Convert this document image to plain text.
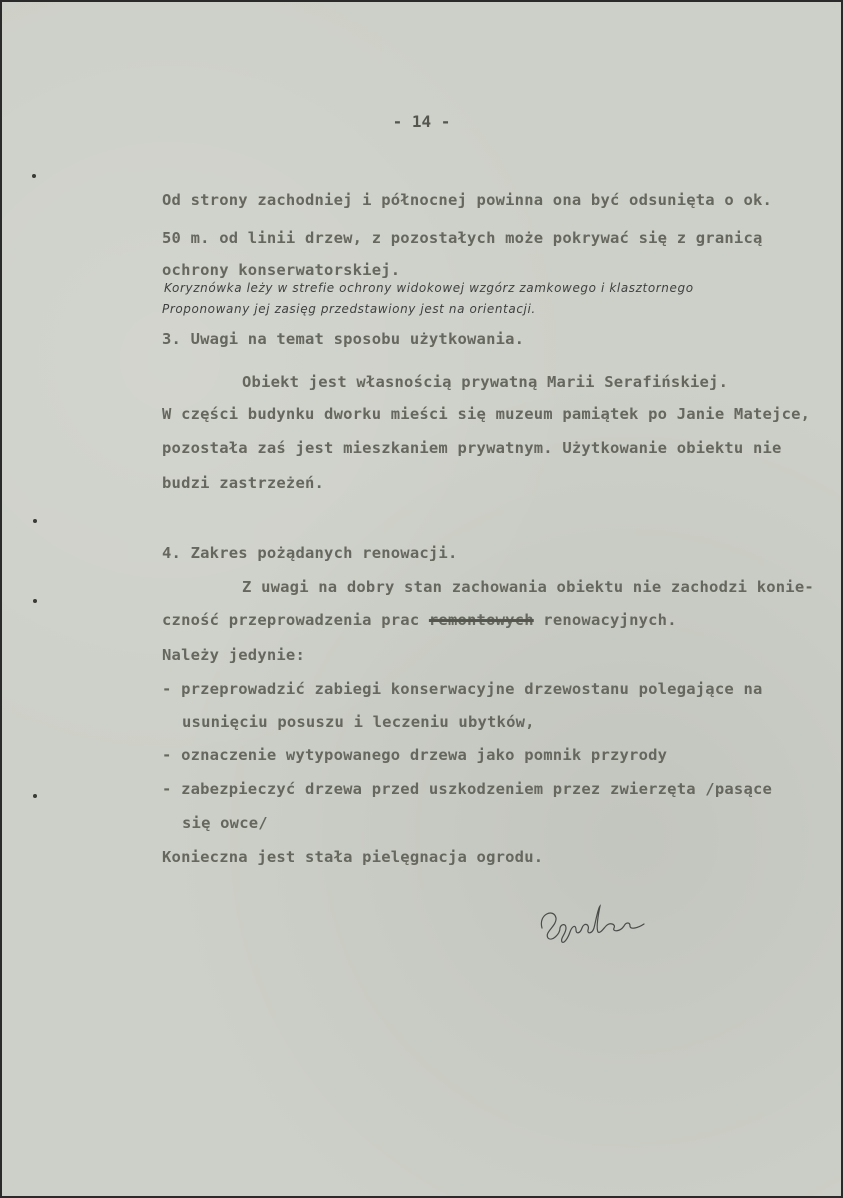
- 14 -
Od strony zachodniej i północnej powinna ona być odsunięta o ok.
50 m. od linii drzew, z pozostałych może pokrywać się z granicą
ochrony konserwatorskiej.
Koryznówka leży w strefie ochrony widokowej wzgórz zamkowego i klasztornego
Proponowany jej zasięg przedstawiony jest na orientacji.
3. Uwagi na temat sposobu użytkowania.
Obiekt jest własnością prywatną Marii Serafińskiej.
W części budynku dworku mieści się muzeum pamiątek po Janie Matejce,
pozostała zaś jest mieszkaniem prywatnym. Użytkowanie obiektu nie
budzi zastrzeżeń.
4. Zakres pożądanych renowacji.
Z uwagi na dobry stan zachowania obiektu nie zachodzi konie-
czność przeprowadzenia prac remontowych renowacyjnych.
Należy jedynie:
- przeprowadzić zabiegi konserwacyjne drzewostanu polegające na
usunięciu posuszu i leczeniu ubytków,
- oznaczenie wytypowanego drzewa jako pomnik przyrody
- zabezpieczyć drzewa przed uszkodzeniem przez zwierzęta /pasące
się owce/
Konieczna jest stała pielęgnacja ogrodu.
